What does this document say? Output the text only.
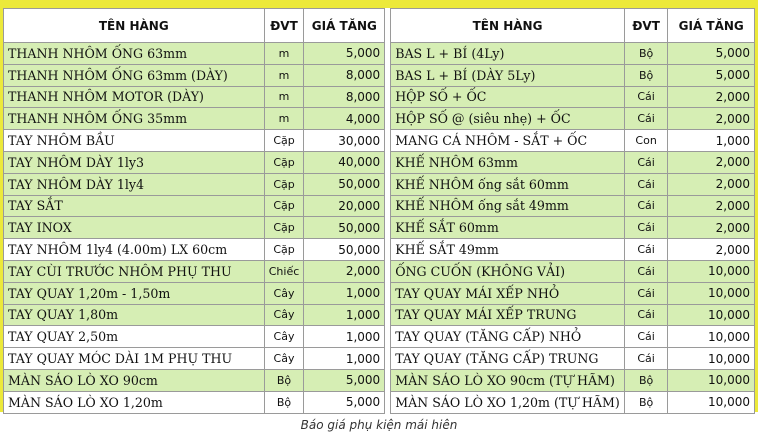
TÊN HÀNG	ĐVT	GIÁ TĂNG		TÊN HÀNG	ĐVT	GIÁ TĂNG
THANH NHÔM ỐNG 63mm	m	5,000		BAS L + BÍ (4Ly)	Bộ	5,000
THANH NHÔM ỐNG 63mm (DÀY)	m	8,000		BAS L + BÍ (DÀY 5Ly)	Bộ	5,000
THANH NHÔM MOTOR (DÀY)	m	8,000		HỘP SỐ + ỐC	Cái	2,000
THANH NHÔM ỐNG 35mm	m	4,000		HỘP SỐ @ (siêu nhẹ) + ỐC	Cái	2,000
TAY NHÔM BẦU	Cặp	30,000		MANG CÁ NHÔM - SẮT + ỐC	Con	1,000
TAY NHÔM DÀY 1ly3	Cặp	40,000		KHẾ NHÔM 63mm	Cái	2,000
TAY NHÔM DÀY 1ly4	Cặp	50,000		KHẾ NHÔM ống sắt 60mm	Cái	2,000
TAY SẮT	Cặp	20,000		KHẾ NHÔM ống sắt 49mm	Cái	2,000
TAY INOX	Cặp	50,000		KHẾ SẮT 60mm	Cái	2,000
TAY NHÔM 1ly4 (4.00m) LX 60cm	Cặp	50,000		KHẾ SẮT 49mm	Cái	2,000
TAY CÙI TRƯỚC NHÔM PHỤ THU	Chiếc	2,000		ỐNG CUỐN (KHÔNG VẢI)	Cái	10,000
TAY QUAY 1,20m - 1,50m	Cây	1,000		TAY QUAY MÁI XẾP NHỎ	Cái	10,000
TAY QUAY 1,80m	Cây	1,000		TAY QUAY MÁI XẾP TRUNG	Cái	10,000
TAY QUAY 2,50m	Cây	1,000		TAY QUAY (TĂNG CẤP) NHỎ	Cái	10,000
TAY QUAY MÓC DÀI 1M PHỤ THU	Cây	1,000		TAY QUAY (TĂNG CẤP) TRUNG	Cái	10,000
MÀN SÁO LÒ XO 90cm	Bộ	5,000		MÀN SÁO LÒ XO 90cm (TỰ HÃM)	Bộ	10,000
MÀN SÁO LÒ XO 1,20m	Bộ	5,000		MÀN SÁO LÒ XO 1,20m (TỰ HÃM)	Bộ	10,000
Báo giá phụ kiện mái hiên
